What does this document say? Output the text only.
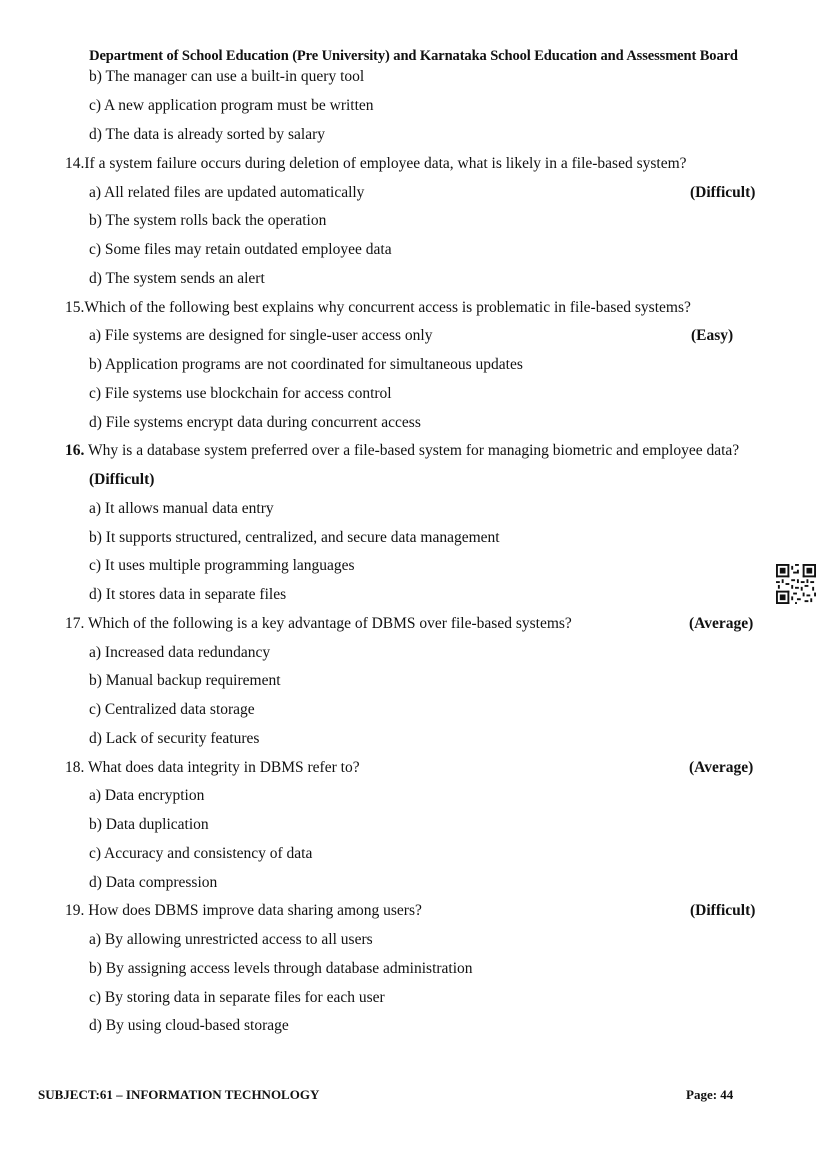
Department of School Education (Pre University) and Karnataka School Education and Assessment Board
b) The manager can use a built-in query tool
c) A new application program must be written
d) The data is already sorted by salary
14.If a system failure occurs during deletion of employee data, what is likely in a file-based system?
a) All related files are updated automatically	(Difficult)
b) The system rolls back the operation
c) Some files may retain outdated employee data
d) The system sends an alert
15.Which of the following best explains why concurrent access is problematic in file-based systems?
a) File systems are designed for single-user access only	(Easy)
b) Application programs are not coordinated for simultaneous updates
c) File systems use blockchain for access control
d) File systems encrypt data during concurrent access
16. Why is a database system preferred over a file-based system for managing biometric and employee data?
(Difficult)
a) It allows manual data entry
b) It supports structured, centralized, and secure data management
c) It uses multiple programming languages
d) It stores data in separate files
17. Which of the following is a key advantage of DBMS over file-based systems?	(Average)
a) Increased data redundancy
b) Manual backup requirement
c) Centralized data storage
d) Lack of security features
18. What does data integrity in DBMS refer to?	(Average)
a) Data encryption
b) Data duplication
c) Accuracy and consistency of data
d) Data compression
19. How does DBMS improve data sharing among users?	(Difficult)
a) By allowing unrestricted access to all users
b) By assigning access levels through database administration
c) By storing data in separate files for each user
d) By using cloud-based storage
SUBJECT:61 – INFORMATION TECHNOLOGY	Page: 44
